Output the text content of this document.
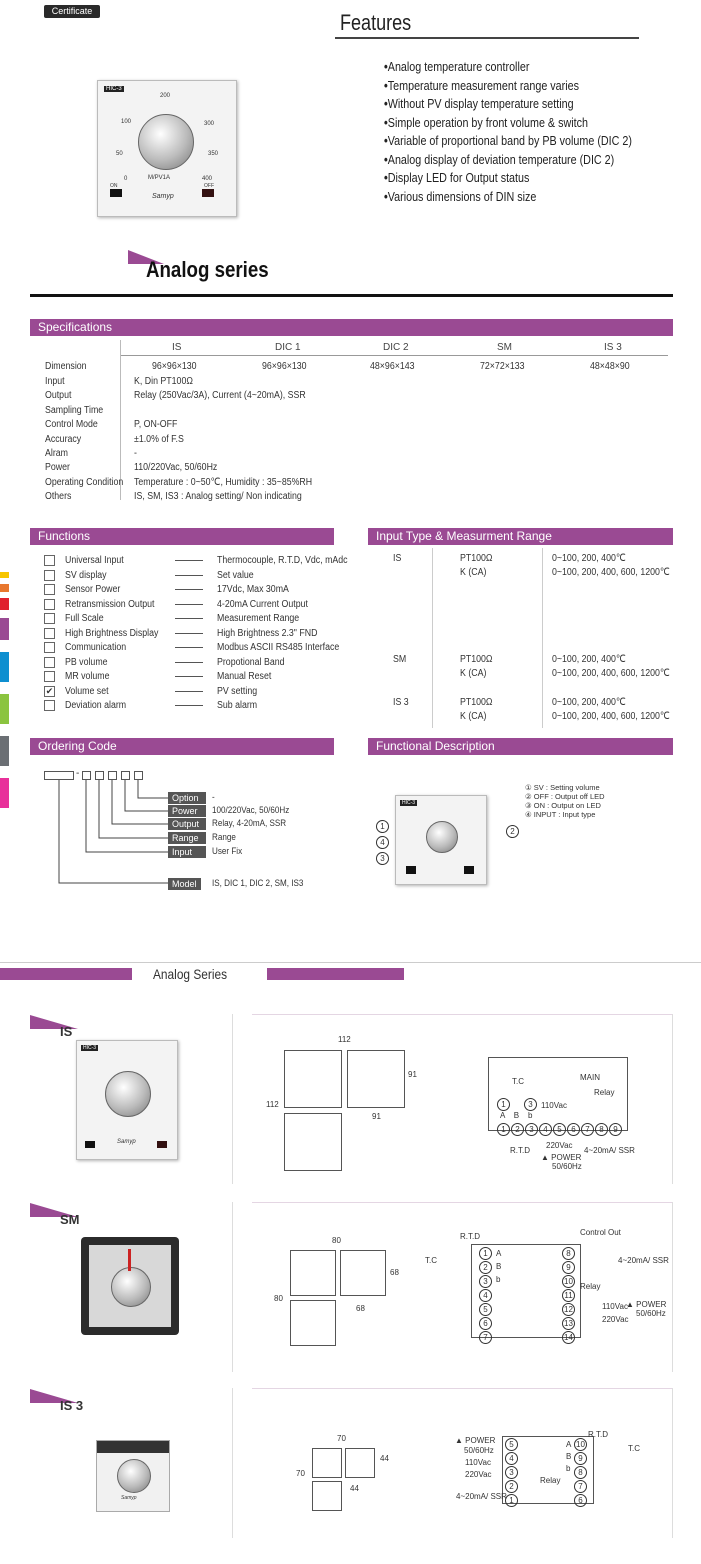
Certificate	Features
• Analog temperature controller
• Temperature measurement range varies
• Without PV display temperature setting
• Simple operation by front volume & switch
• Variable of proportional band by PB volume (DIC 2)
• Analog display of deviation temperature (DIC 2)
• Display LED for Output status
• Various dimensions of DIN size
HIC-3
200
100	300
50	350
0	400
M/PV1A
Samyp
ON	OFF
Analog series
Specifications
IS	DIC 1	DIC 2	SM	IS 3
Dimension	96×96×130	96×96×130	48×96×143	72×72×133	48×48×90
Input	K, Din PT100Ω
Output	Relay (250Vac/3A), Current (4~20mA), SSR
Sampling Time
Control Mode	P, ON-OFF
Accuracy	±1.0% of F.S
Alram	-
Power	110/220Vac, 50/60Hz
Operating Condition Temperature : 0~50℃, Humidity : 35~85%RH
Others	IS, SM, IS3 : Analog setting/ Non indicating
Functions
Universal Input	Thermocouple, R.T.D, Vdc, mAdc
SV display	Set value
Sensor Power	17Vdc, Max 30mA
Retransmission Output	4-20mA Current Output
Full Scale	Measurement Range
High Brightness Display	High Brightness 2.3" FND
Communication	Modbus ASCII RS485 Interface
PB volume	Propotional Band
MR volume	Manual Reset
✔ Volume set	PV setting
Deviation alarm	Sub alarm
Input Type & Measurment Range
IS	PT100Ω	0~100, 200, 400℃
K (CA)	0~100, 200, 400, 600, 1200℃
SM	PT100Ω	0~100, 200, 400℃
K (CA)	0~100, 200, 400, 600, 1200℃
IS 3	PT100Ω	0~100, 200, 400℃
K (CA)	0~100, 200, 400, 600, 1200℃
Ordering Code
-
Option	-
Power	100/220Vac, 50/60Hz
Output	Relay, 4-20mA, SSR
Range	Range
Input	User Fix
Model	IS, DIC 1, DIC 2, SM, IS3
Functional Description
HIC-3
1
4
3
2
① SV : Setting volume
② OFF : Output off LED
③ ON : Output on LED
④ INPUT : Input type
Analog Series
IS
HIC-3
Samyp
112
91
112
91
MAIN
Relay
T.C
1	3
A    B    b
110Vac
1 2 3 4 5 6 7 8 9
R.T.D
220Vac
4~20mA/ SSR
▲ POWER
50/60Hz
SM
80
68
80
68
1
2
3
4
5
6
7
8
9
10
11
12
13
14
R.T.D
T.C
A
B
b
Control Out
4~20mA/ SSR
Relay
110Vac
220Vac
▲ POWER
50/60Hz
IS 3
Samyp
70
44
70
44
5
4
3
2
1
10
9
8
7
6
▲ POWER
50/60Hz
110Vac
220Vac
Relay
4~20mA/ SSR
R.T.D
T.C
A
B
b
